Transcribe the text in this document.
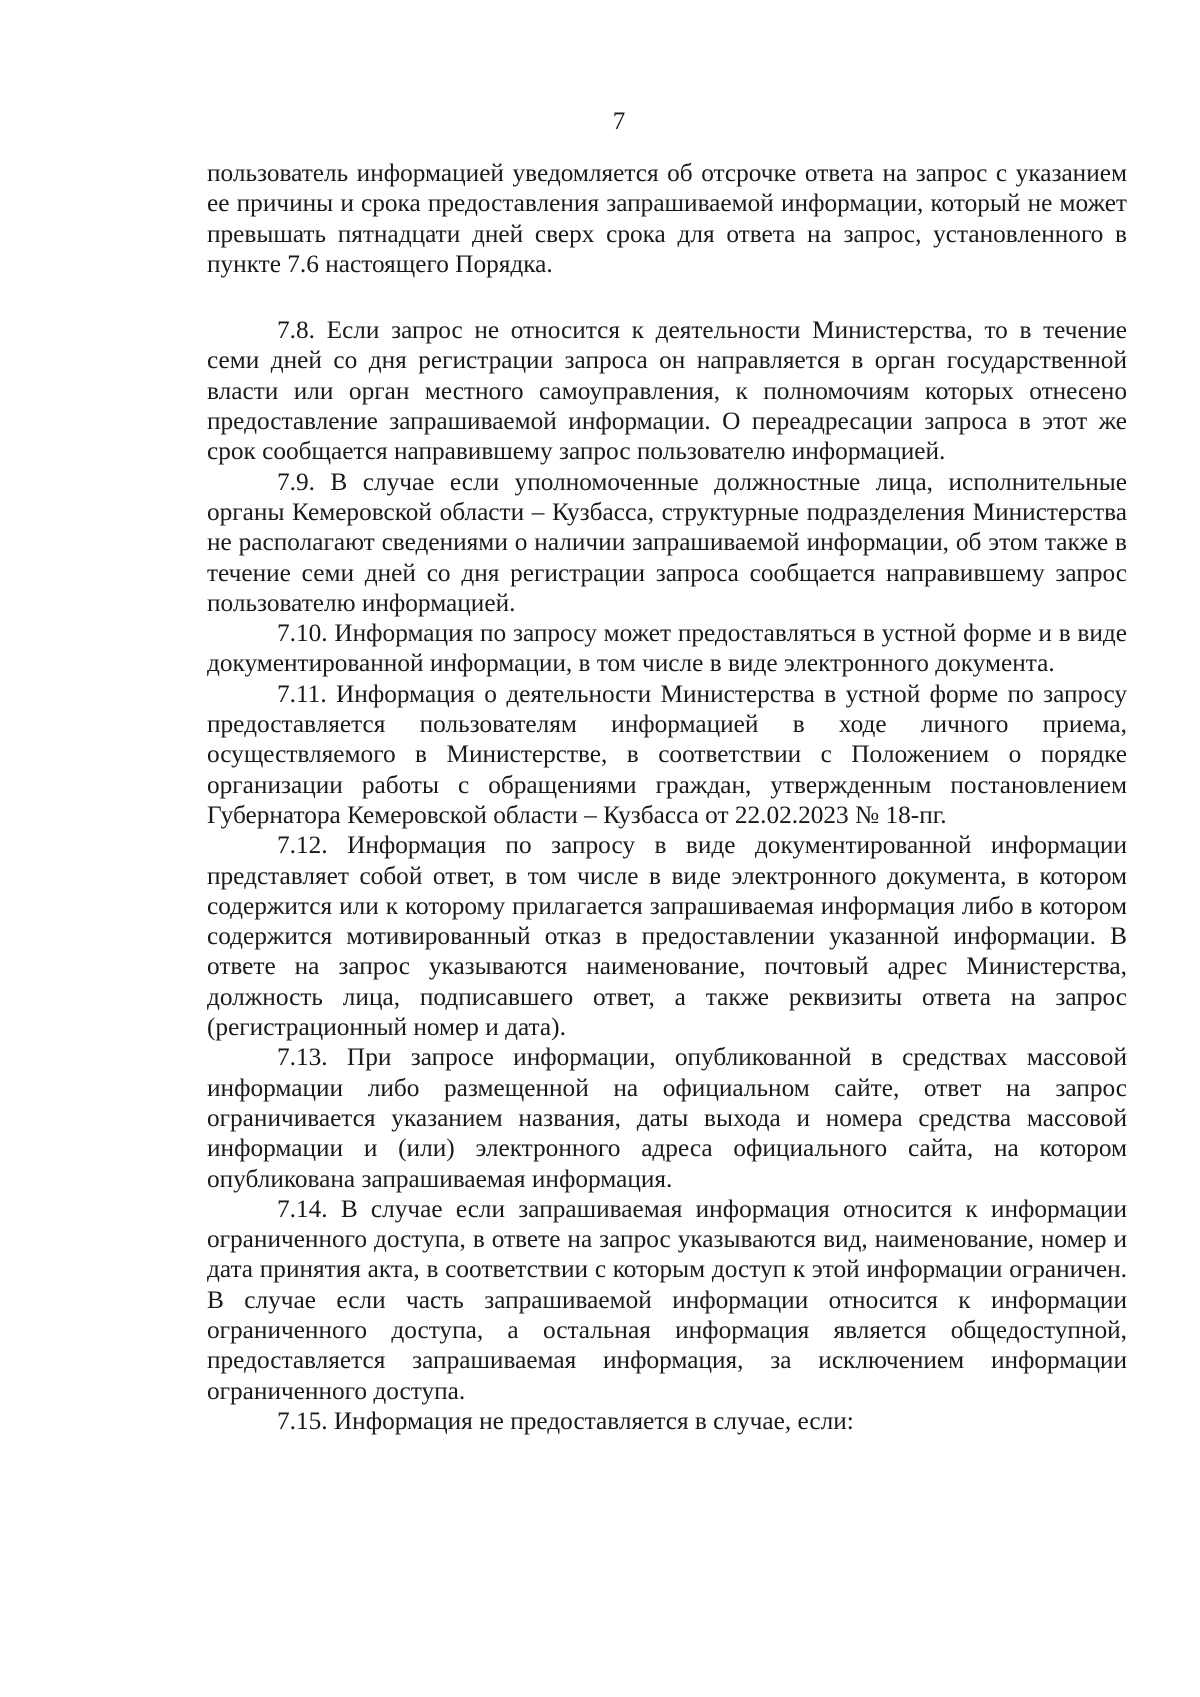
7

пользователь информацией уведомляется об отсрочке ответа на запрос с указанием ее причины и срока предоставления запрашиваемой информации, который не может превышать пятнадцати дней сверх срока для ответа на запрос, установленного в пункте 7.6 настоящего Порядка.

7.8. Если запрос не относится к деятельности Министерства, то в течение семи дней со дня регистрации запроса он направляется в орган государственной власти или орган местного самоуправления, к полномочиям которых отнесено предоставление запрашиваемой информации. О переадресации запроса в этот же срок сообщается направившему запрос пользователю информацией.

7.9. В случае если уполномоченные должностные лица, исполнительные органы Кемеровской области – Кузбасса, структурные подразделения Министерства не располагают сведениями о наличии запрашиваемой информации, об этом также в течение семи дней со дня регистрации запроса сообщается направившему запрос пользователю информацией.

7.10. Информация по запросу может предоставляться в устной форме и в виде документированной информации, в том числе в виде электронного документа.

7.11. Информация о деятельности Министерства в устной форме по запросу предоставляется пользователям информацией в ходе личного приема, осуществляемого в Министерстве, в соответствии с Положением о порядке организации работы с обращениями граждан, утвержденным постановлением Губернатора Кемеровской области – Кузбасса от 22.02.2023 № 18-пг.

7.12. Информация по запросу в виде документированной информации представляет собой ответ, в том числе в виде электронного документа, в котором содержится или к которому прилагается запрашиваемая информация либо в котором содержится мотивированный отказ в предоставлении указанной информации. В ответе на запрос указываются наименование, почтовый адрес Министерства, должность лица, подписавшего ответ, а также реквизиты ответа на запрос (регистрационный номер и дата).

7.13. При запросе информации, опубликованной в средствах массовой информации либо размещенной на официальном сайте, ответ на запрос ограничивается указанием названия, даты выхода и номера средства массовой информации и (или) электронного адреса официального сайта, на котором опубликована запрашиваемая информация.

7.14. В случае если запрашиваемая информация относится к информации ограниченного доступа, в ответе на запрос указываются вид, наименование, номер и дата принятия акта, в соответствии с которым доступ к этой информации ограничен. В случае если часть запрашиваемой информации относится к информации ограниченного доступа, а остальная информация является общедоступной, предоставляется запрашиваемая информация, за исключением информации ограниченного доступа.

7.15. Информация не предоставляется в случае, если:
